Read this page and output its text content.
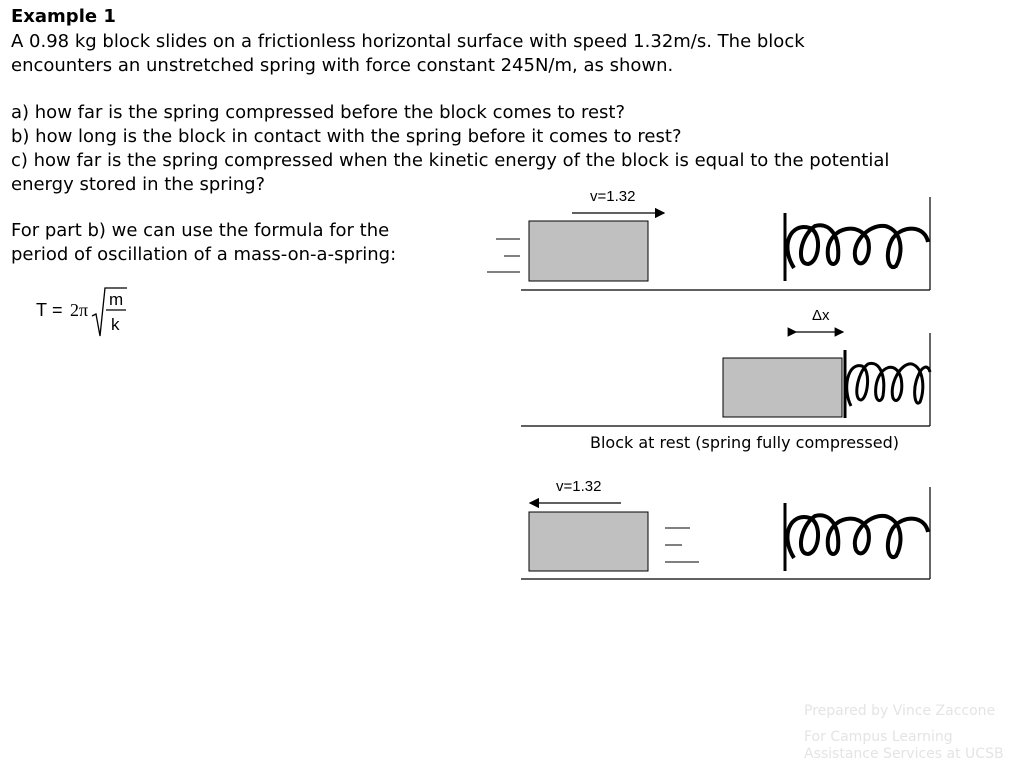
Example 1
A 0.98 kg block slides on a frictionless horizontal surface with speed 1.32m/s. The block
encounters an unstretched spring with force constant 245N/m, as shown.
a) how far is the spring compressed before the block comes to rest?
b) how long is the block in contact with the spring before it comes to rest?
c) how far is the spring compressed when the kinetic energy of the block is equal to the potential
energy stored in the spring?
For part b) we can use the formula for the
period of oscillation of a mass-on-a-spring:
T = 2π
m
k
v=1.32
Δx
Block at rest (spring fully compressed)
v=1.32
Prepared by Vince Zaccone
For Campus Learning
Assistance Services at UCSB
